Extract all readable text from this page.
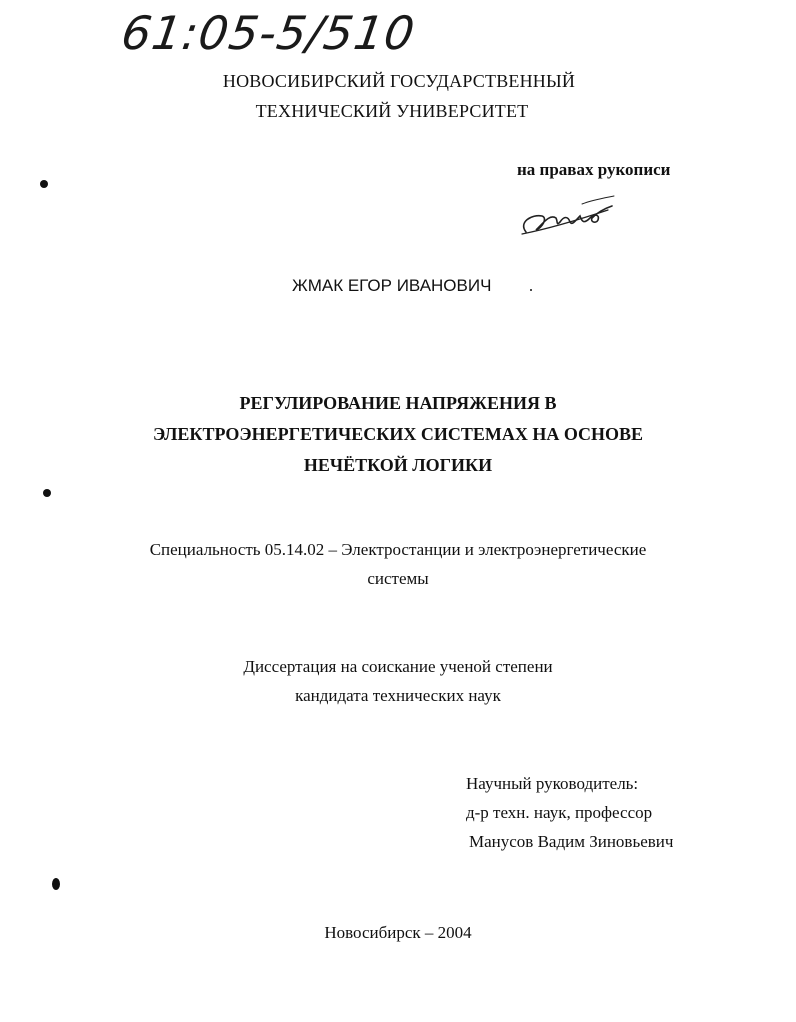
61:05-5/510
НОВОСИБИРСКИЙ ГОСУДАРСТВЕННЫЙ
ТЕХНИЧЕСКИЙ УНИВЕРСИТЕТ
на правах рукописи
ЖМАК ЕГОР ИВАНОВИЧ
РЕГУЛИРОВАНИЕ НАПРЯЖЕНИЯ В
ЭЛЕКТРОЭНЕРГЕТИЧЕСКИХ СИСТЕМАХ НА ОСНОВЕ
НЕЧЁТКОЙ ЛОГИКИ
Специальность 05.14.02 – Электростанции и электроэнергетические
системы
Диссертация на соискание ученой степени
кандидата технических наук
Научный руководитель:
д-р техн. наук, профессор
Манусов Вадим Зиновьевич
Новосибирск – 2004
